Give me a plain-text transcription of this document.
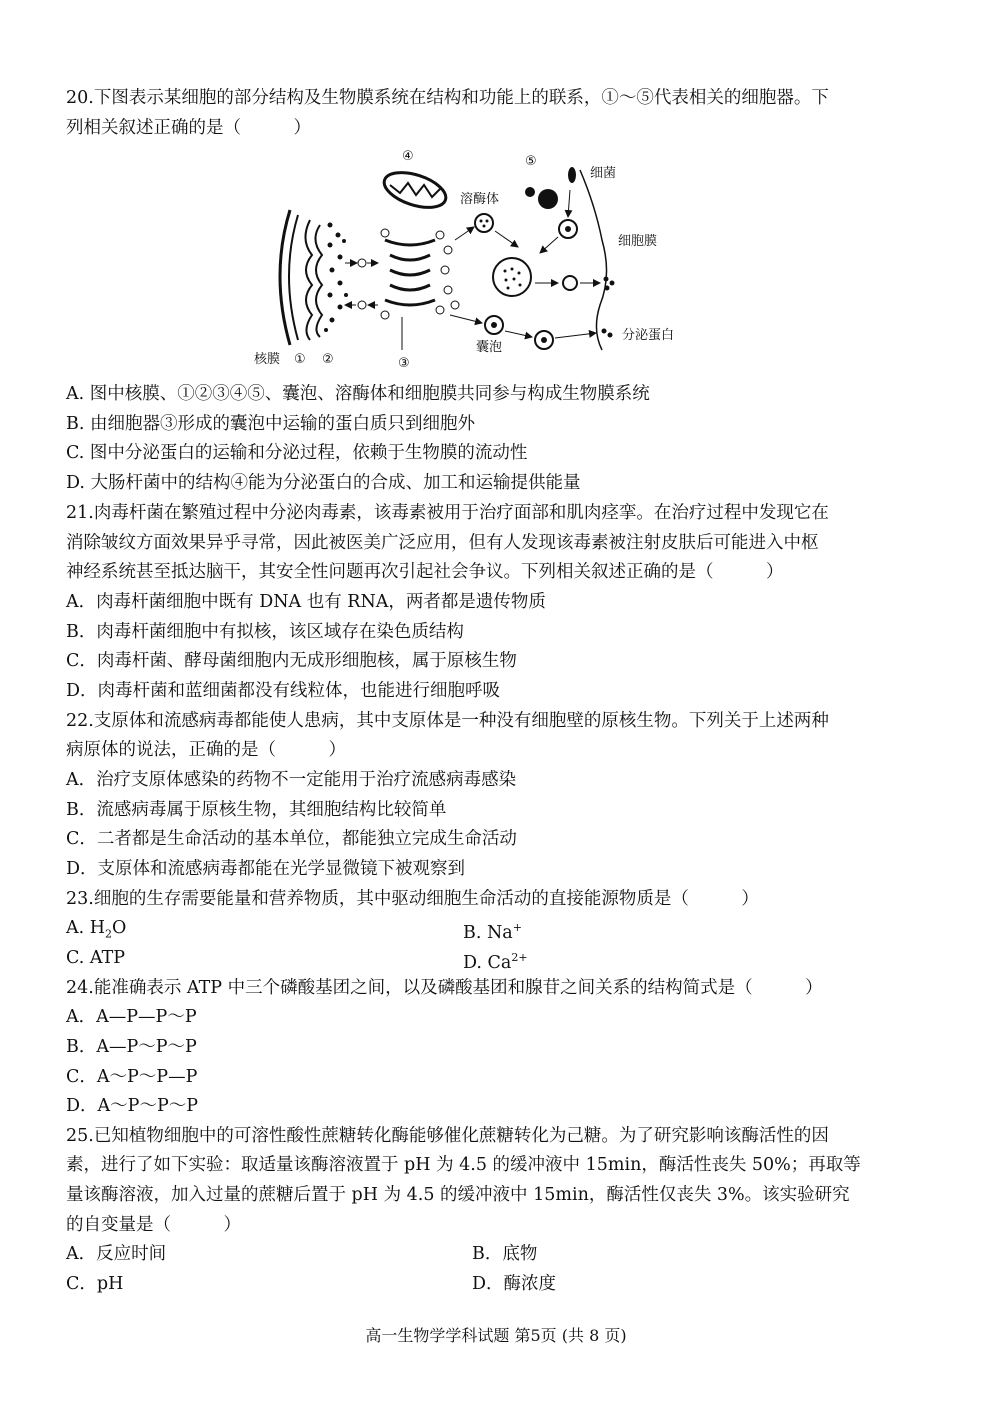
20.下图表示某细胞的部分结构及生物膜系统在结构和功能上的联系，①～⑤代表相关的细胞器。下
列相关叙述正确的是（　　　）
④
溶酶体
⑤
细菌
细胞膜
分泌蛋白
囊泡
核膜 ① ②	③
A. 图中核膜、①②③④⑤、囊泡、溶酶体和细胞膜共同参与构成生物膜系统
B. 由细胞器③形成的囊泡中运输的蛋白质只到细胞外
C. 图中分泌蛋白的运输和分泌过程，依赖于生物膜的流动性
D. 大肠杆菌中的结构④能为分泌蛋白的合成、加工和运输提供能量
21.肉毒杆菌在繁殖过程中分泌肉毒素，该毒素被用于治疗面部和肌肉痉挛。在治疗过程中发现它在
消除皱纹方面效果异乎寻常，因此被医美广泛应用，但有人发现该毒素被注射皮肤后可能进入中枢
神经系统甚至抵达脑干，其安全性问题再次引起社会争议。下列相关叙述正确的是（　　　）
A．肉毒杆菌细胞中既有 DNA 也有 RNA，两者都是遗传物质
B．肉毒杆菌细胞中有拟核，该区域存在染色质结构
C．肉毒杆菌、酵母菌细胞内无成形细胞核，属于原核生物
D．肉毒杆菌和蓝细菌都没有线粒体，也能进行细胞呼吸
22.支原体和流感病毒都能使人患病，其中支原体是一种没有细胞壁的原核生物。下列关于上述两种
病原体的说法，正确的是（　　　）
A．治疗支原体感染的药物不一定能用于治疗流感病毒感染
B．流感病毒属于原核生物，其细胞结构比较简单
C．二者都是生命活动的基本单位，都能独立完成生命活动
D．支原体和流感病毒都能在光学显微镜下被观察到
23.细胞的生存需要能量和营养物质，其中驱动细胞生命活动的直接能源物质是（　　　）
A. $H_2O$	B. Na+
C. ATP	D. $Ca^{2+}$
24.能准确表示 ATP 中三个磷酸基团之间，以及磷酸基团和腺苷之间关系的结构简式是（　　　）
A．A—P—P～P
B．A—P～P～P
C．A～P～P—P
D．A～P～P～P
25.已知植物细胞中的可溶性酸性蔗糖转化酶能够催化蔗糖转化为己糖。为了研究影响该酶活性的因
素，进行了如下实验：取适量该酶溶液置于 pH 为 4.5 的缓冲液中 15min，酶活性丧失 50%；再取等
量该酶溶液，加入过量的蔗糖后置于 pH 为 4.5 的缓冲液中 15min，酶活性仅丧失 3%。该实验研究
的自变量是（　　　）
A．反应时间	B．底物
C．pH	D．酶浓度
高一生物学学科试题 第5页 (共 8 页)
